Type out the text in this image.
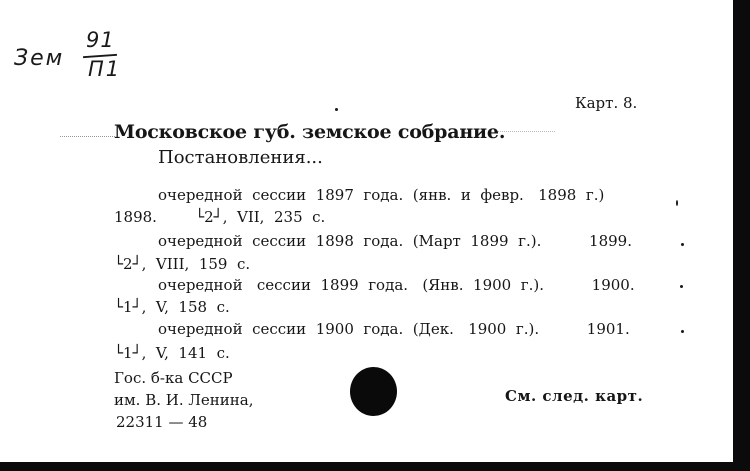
Зем
91
П1
Карт. 8.
Московское губ. земское собрание.
Постановления...
очередной  сессии  1897  года.  (янв.  и  февр.   1898  г.)
1898.        └2┘,  VII,  235  с.
очередной  сессии  1898  года.  (Март  1899  г.).          1899.
└2┘,  VIII,  159  с.
очередной   сессии  1899  года.   (Янв.  1900  г.).          1900.
└1┘,  V,  158  с.
очередной  сессии  1900  года.  (Дек.   1900  г.).          1901.
└1┘,  V,  141  с.
Гос. б-ка СССР
им. В. И. Ленина,
22311 — 48
См. след. карт.
